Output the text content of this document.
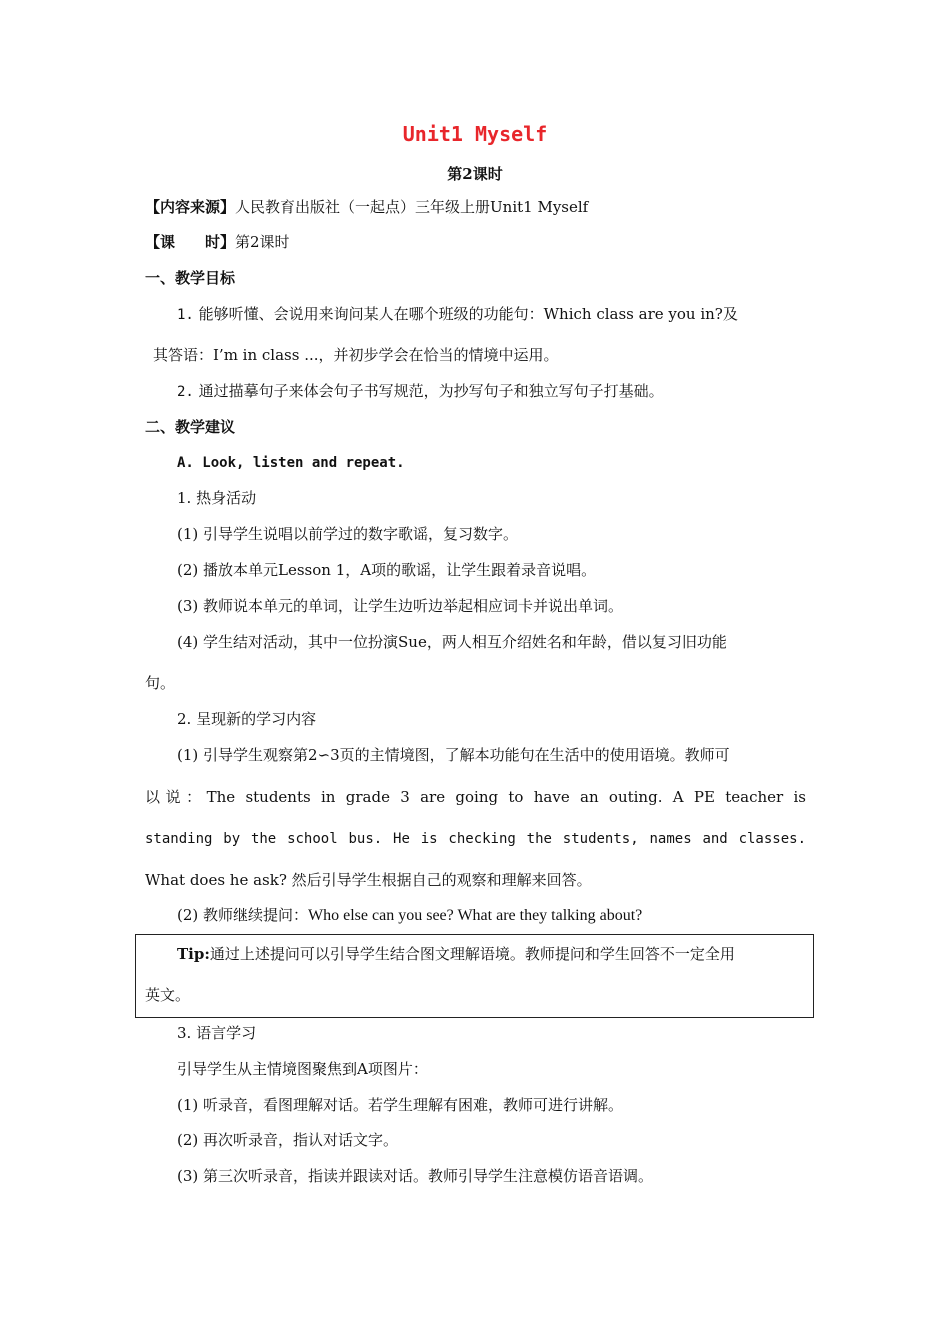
Unit1 Myself
第2课时
【内容来源】人民教育出版社（一起点）三年级上册Unit1 Myself
【课　　时】第2课时
一、教学目标
1. 能够听懂、会说用来询问某人在哪个班级的功能句：Which class are you in?及
其答语：I’m in class ...，并初步学会在恰当的情境中运用。
2. 通过描摹句子来体会句子书写规范，为抄写句子和独立写句子打基础。
二、教学建议
A. Look, listen and repeat.
1. 热身活动
(1) 引导学生说唱以前学过的数字歌谣，复习数字。
(2) 播放本单元Lesson 1，A项的歌谣，让学生跟着录音说唱。
(3) 教师说本单元的单词，让学生边听边举起相应词卡并说出单词。
(4) 学生结对活动，其中一位扮演Sue，两人相互介绍姓名和年龄，借以复习旧功能
句。
2. 呈现新的学习内容
(1) 引导学生观察第2∽3页的主情境图，了解本功能句在生活中的使用语境。教师可
以说：The students in grade 3 are going to have an outing. A PE teacher is
standing by the school bus. He is checking the students, names and classes.
What does he ask? 然后引导学生根据自己的观察和理解来回答。
(2) 教师继续提问：Who else can you see? What are they talking about?
Tip:通过上述提问可以引导学生结合图文理解语境。教师提问和学生回答不一定全用
英文。
3. 语言学习
引导学生从主情境图聚焦到A项图片：
(1) 听录音，看图理解对话。若学生理解有困难，教师可进行讲解。
(2) 再次听录音，指认对话文字。
(3) 第三次听录音，指读并跟读对话。教师引导学生注意模仿语音语调。
